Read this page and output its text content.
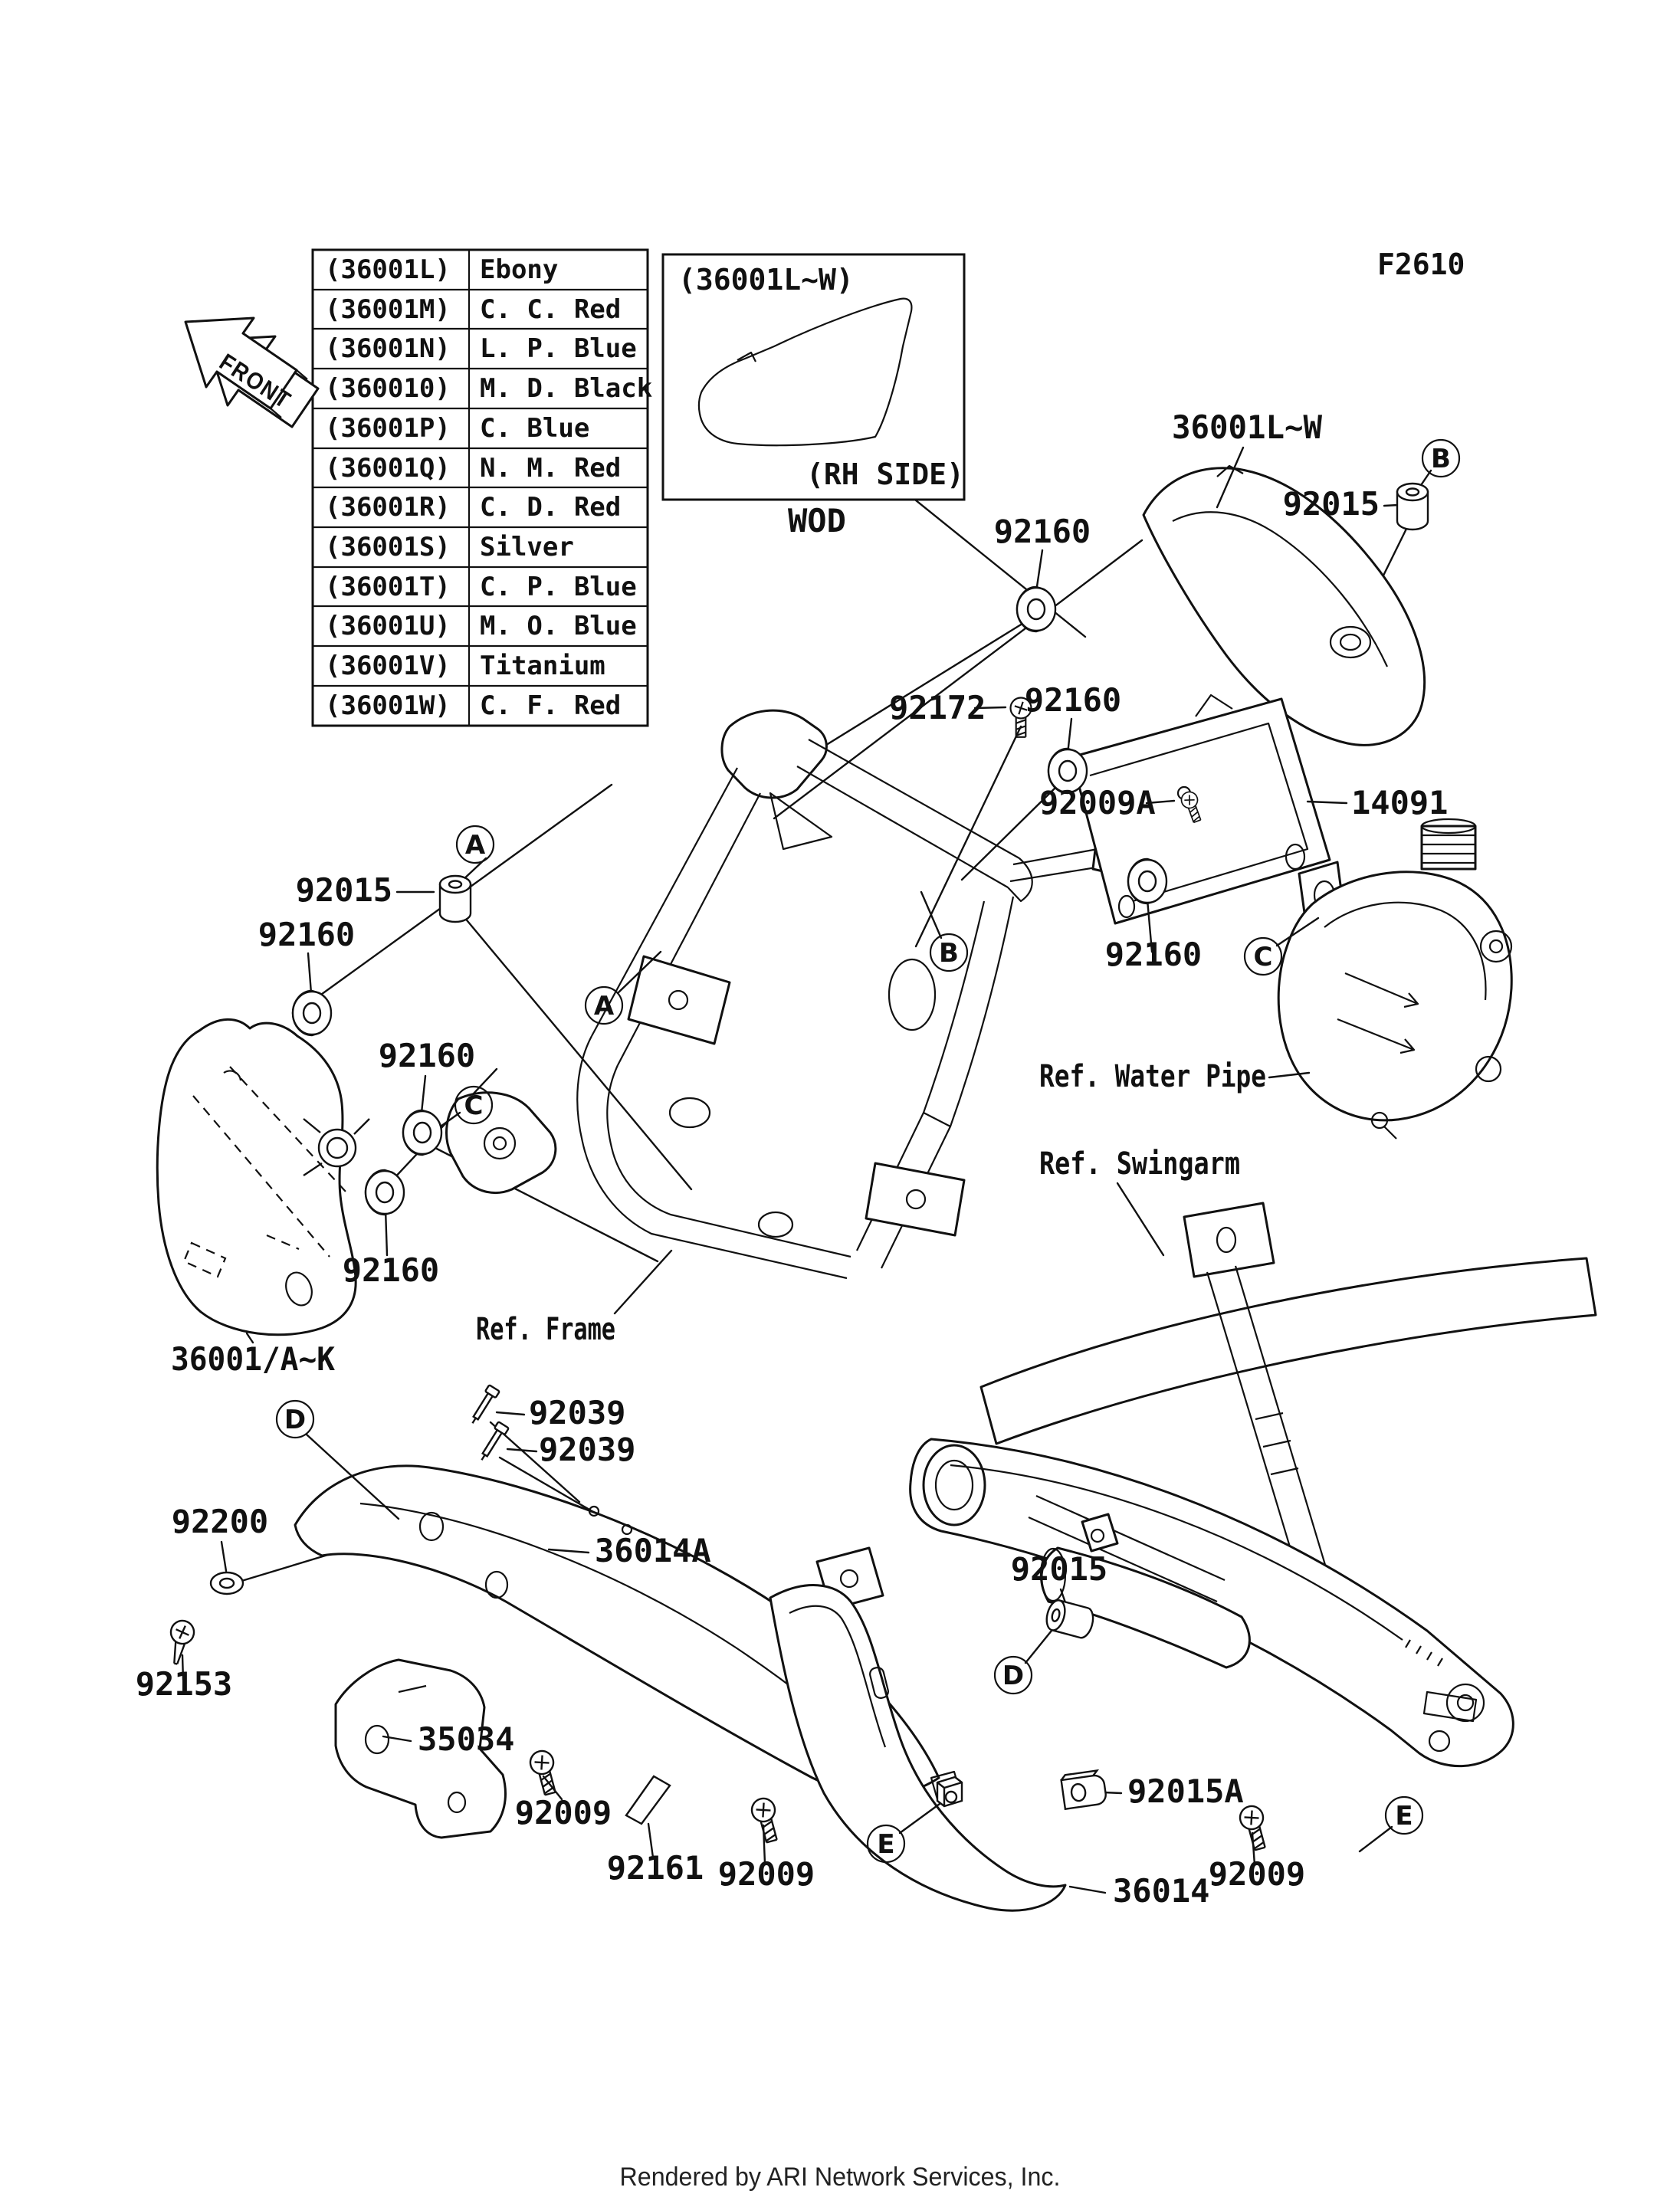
(36001L) Ebony
(36001M) C. C. Red
(36001N) L. P. Blue
(360010) M. D. Black
(36001P) C. Blue
(36001Q) N. M. Red
(36001R) C. D. Red
(36001S) Silver
(36001T) C. P. Blue
(36001U) M. O. Blue
(36001V) Titanium
(36001W) C. F. Red
(36001L~W)
(RH SIDE)
WOD
FRONT
36001L~W
92015
92160
92172 92160
92009A	14091
92015
92160
92160
92160
92160
Ref. Water Pipe
Ref. Swingarm
Ref. Frame
36001/A~K
92039
92039
92200
36014A
92153
35034
92009
92161 92009	36014
92015A
92009
92015
A
B
A
B
C
C
D
D
E
E
F2610
Rendered by ARI Network Services, Inc.
